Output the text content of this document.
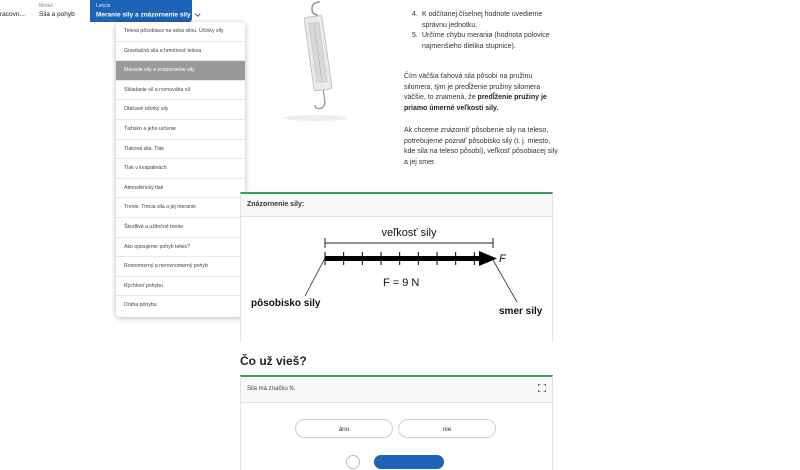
racovn...
Modul
Sila a pohyb
Lekcia
Meranie sily a znázornenie sily	4. K odčítanej číselnej hodnote uvedieme správnu jednotku.
5. Určíme chybu merania (hodnota polovice najmenšieho dielika stupnice).
Čím väčšia ťahová sila pôsobí na pružinu silomera, tým je predĺženie pružiny silomera väčšie, to znamená, že predĺženie pružiny je priamo úmerné veľkosti sily.
Ak chceme znázorniť pôsobenie sily na teleso, potrebujeme poznať pôsobisko sily (t. j. miesto, kde sila na teleso pôsobí), veľkosť pôsobiacej sily a jej smer.
Telesá pôsobiace na seba silou. Účinky sily
Gravitačná sila a hmotnosť telesa
Meranie sily a znázornenie sily
Skladanie síl a rovnováha síl
Otáčavé účinky sily
Ťažisko a jeho určenie
Tlaková sila. Tlak
Tlak v kvapalinách
Atmosférický tlak
Trenie. Trecia sila a jej meranie
Škodlivé a užitočné trenie
Ako opisujeme pohyb telies?
Rovnomerný a nerovnomerný pohyb
Rýchlosť pohybu
Dráha pohybu
Znázornenie sily:
veľkosť sily
F
F = 9 N
pôsobisko sily
smer sily
Čo už vieš?
Sila má značku N.
áno	nie
